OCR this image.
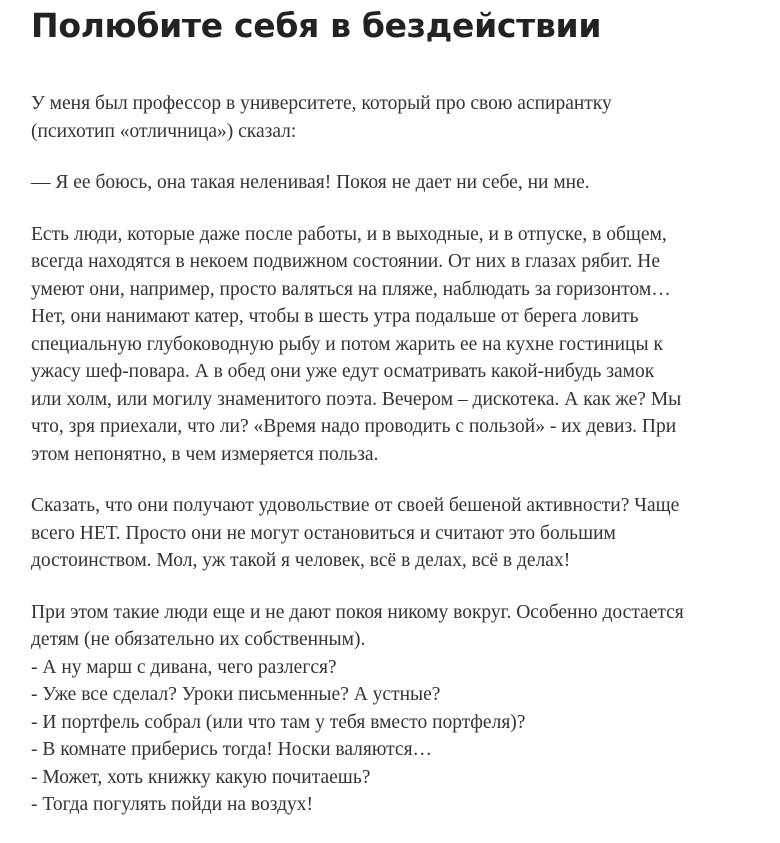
Полюбите себя в бездействии

У меня был профессор в университете, который про свою аспирантку
(психотип «отличница») сказал:

— Я ее боюсь, она такая неленивая! Покоя не дает ни себе, ни мне.

Есть люди, которые даже после работы, и в выходные, и в отпуске, в общем,
всегда находятся в некоем подвижном состоянии. От них в глазах рябит. Не
умеют они, например, просто валяться на пляже, наблюдать за горизонтом…
Нет, они нанимают катер, чтобы в шесть утра подальше от берега ловить
специальную глубоководную рыбу и потом жарить ее на кухне гостиницы к
ужасу шеф-повара. А в обед они уже едут осматривать какой-нибудь замок
или холм, или могилу знаменитого поэта. Вечером – дискотека. А как же? Мы
что, зря приехали, что ли? «Время надо проводить с пользой» - их девиз. При
этом непонятно, в чем измеряется польза.

Сказать, что они получают удовольствие от своей бешеной активности? Чаще
всего НЕТ. Просто они не могут остановиться и считают это большим
достоинством. Мол, уж такой я человек, всё в делах, всё в делах!

При этом такие люди еще и не дают покоя никому вокруг. Особенно достается
детям (не обязательно их собственным).
- А ну марш с дивана, чего разлегся?
- Уже все сделал? Уроки письменные? А устные?
- И портфель собрал (или что там у тебя вместо портфеля)?
- В комнате приберись тогда! Носки валяются…
- Может, хоть книжку какую почитаешь?
- Тогда погулять пойди на воздух!
